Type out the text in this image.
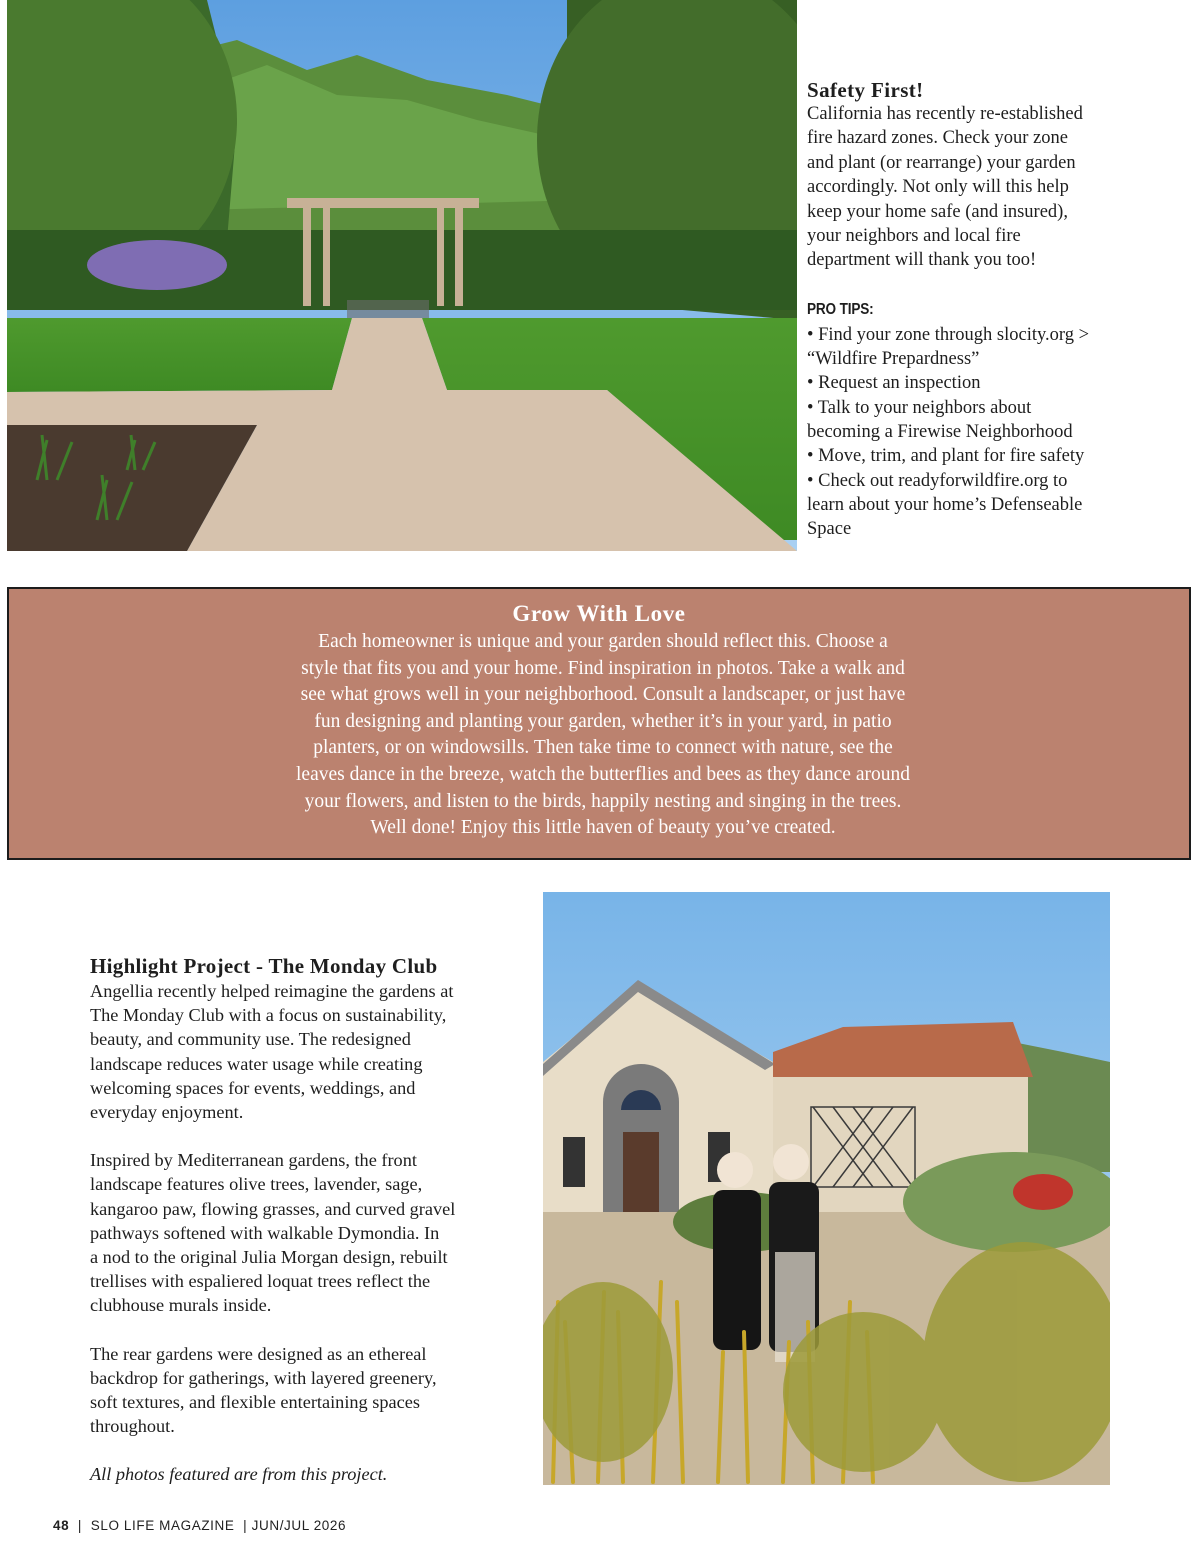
Safety First!

California has recently re-established
fire hazard zones. Check your zone
and plant (or rearrange) your garden
accordingly. Not only will this help
keep your home safe (and insured),
your neighbors and local fire
department will thank you too!

PRO TIPS:

• Find your zone through slocity.org >
“Wildfire Prepardness”
• Request an inspection
• Talk to your neighbors about
becoming a Firewise Neighborhood
• Move, trim, and plant for fire safety
• Check out readyforwildfire.org to
learn about your home’s Defenseable
Space

Grow With Love

Each homeowner is unique and your garden should reflect this. Choose a
style that fits you and your home. Find inspiration in photos. Take a walk and
see what grows well in your neighborhood. Consult a landscaper, or just have
fun designing and planting your garden, whether it’s in your yard, in patio
planters, or on windowsills. Then take time to connect with nature, see the
leaves dance in the breeze, watch the butterflies and bees as they dance around
your flowers, and listen to the birds, happily nesting and singing in the trees.
Well done! Enjoy this little haven of beauty you’ve created.

Highlight Project - The Monday Club

Angellia recently helped reimagine the gardens at
The Monday Club with a focus on sustainability,
beauty, and community use. The redesigned
landscape reduces water usage while creating
welcoming spaces for events, weddings, and
everyday enjoyment.

Inspired by Mediterranean gardens, the front
landscape features olive trees, lavender, sage,
kangaroo paw, flowing grasses, and curved gravel
pathways softened with walkable Dymondia. In
a nod to the original Julia Morgan design, rebuilt
trellises with espaliered loquat trees reflect the
clubhouse murals inside.

The rear gardens were designed as an ethereal
backdrop for gatherings, with layered greenery,
soft textures, and flexible entertaining spaces
throughout.

All photos featured are from this project.

48  |  SLO LIFE MAGAZINE  | JUN/JUL 2026
